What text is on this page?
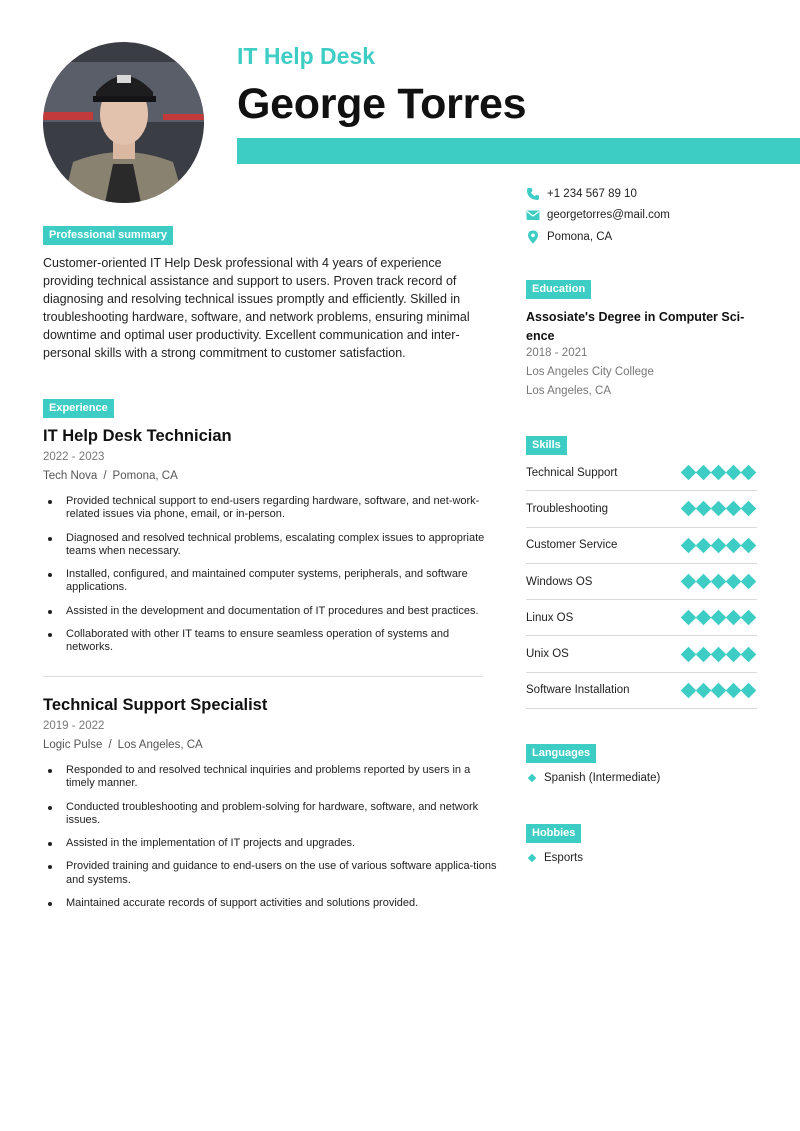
IT Help Desk
George Torres
+1 234 567 89 10
georgetorres@mail.com
Pomona, CA
Professional summary
Customer-oriented IT Help Desk professional with 4 years of experience providing technical assistance and support to users. Proven track record of diagnosing and resolving technical issues promptly and efficiently. Skilled in troubleshooting hardware, software, and network problems, ensuring minimal downtime and optimal user productivity. Excellent communication and inter-personal skills with a strong commitment to customer satisfaction.
Experience
IT Help Desk Technician
2022 - 2023
Tech Nova / Pomona, CA
Provided technical support to end-users regarding hardware, software, and net-work-related issues via phone, email, or in-person.
Diagnosed and resolved technical problems, escalating complex issues to appropriate teams when necessary.
Installed, configured, and maintained computer systems, peripherals, and software applications.
Assisted in the development and documentation of IT procedures and best practices.
Collaborated with other IT teams to ensure seamless operation of systems and networks.
Technical Support Specialist
2019 - 2022
Logic Pulse / Los Angeles, CA
Responded to and resolved technical inquiries and problems reported by users in a timely manner.
Conducted troubleshooting and problem-solving for hardware, software, and network issues.
Assisted in the implementation of IT projects and upgrades.
Provided training and guidance to end-users on the use of various software applica-tions and systems.
Maintained accurate records of support activities and solutions provided.
Education
Assosiate's Degree in Computer Sci-ence
2018 - 2021
Los Angeles City College
Los Angeles, CA
Skills
Technical Support
Troubleshooting
Customer Service
Windows OS
Linux OS
Unix OS
Software Installation
Languages
Spanish (Intermediate)
Hobbies
Esports
